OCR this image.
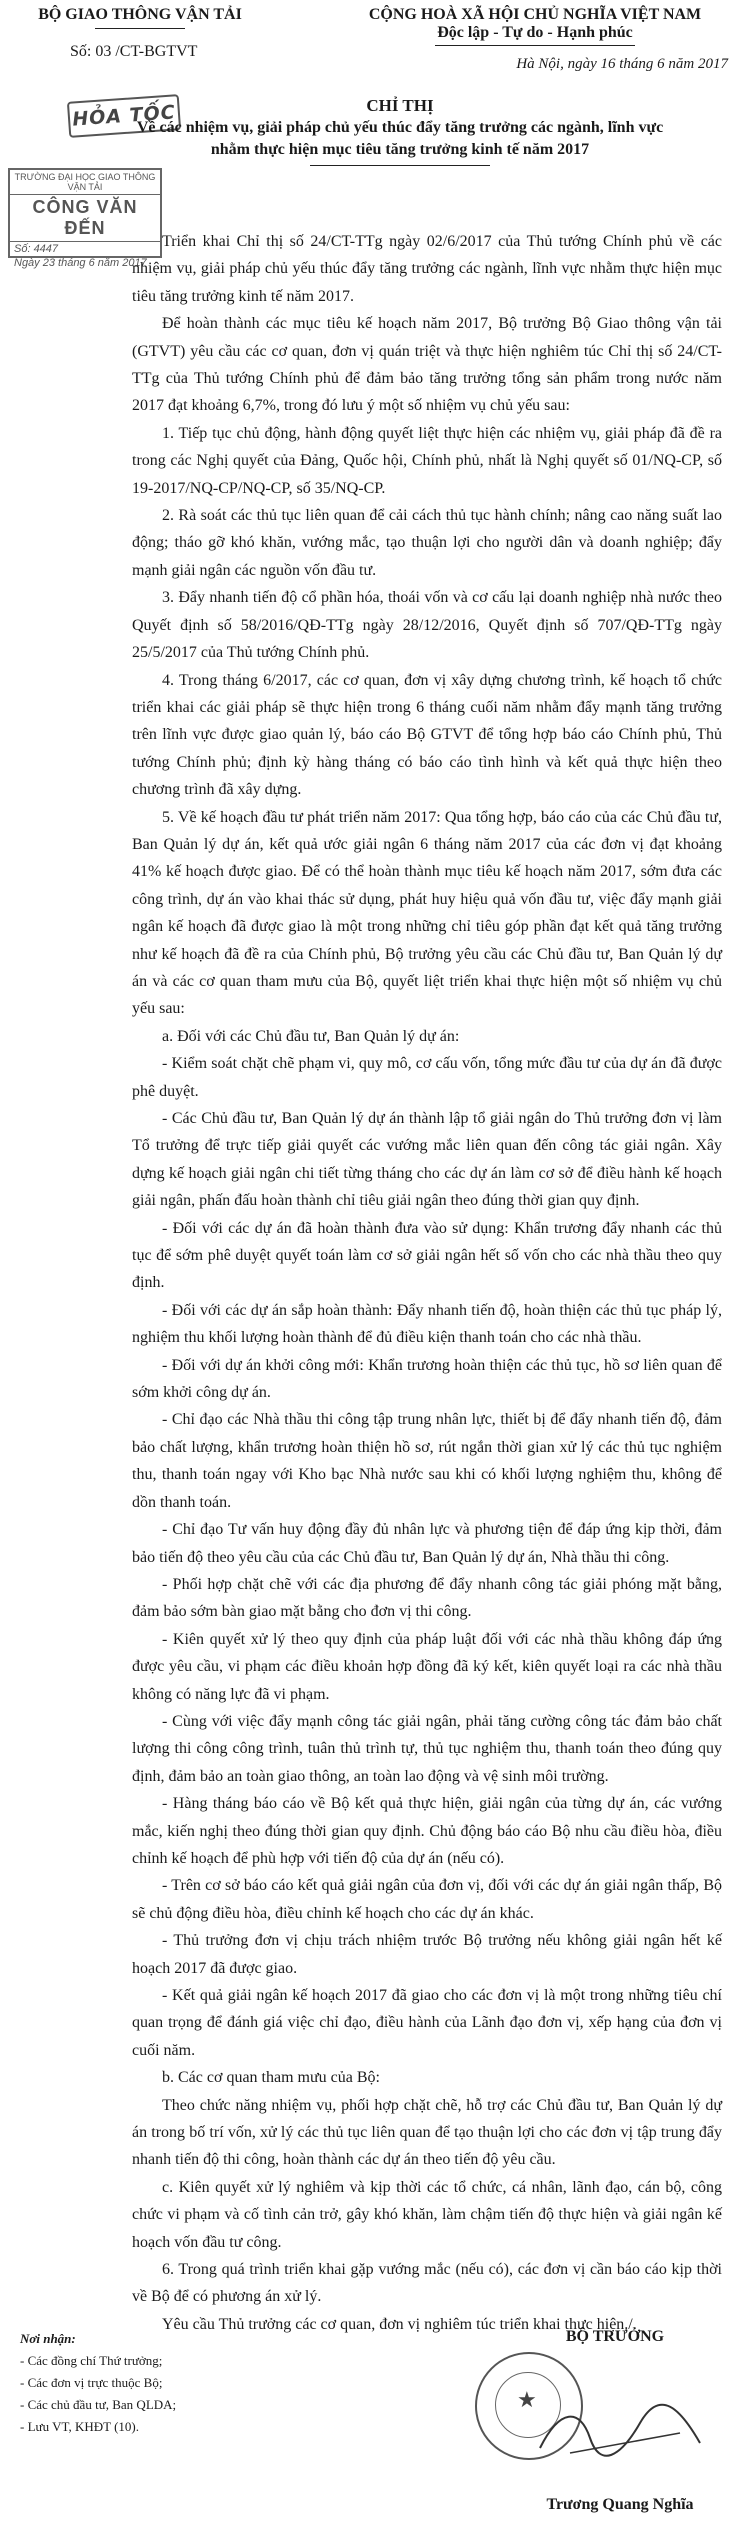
BỘ GIAO THÔNG VẬN TẢI
Số: 03 /CT-BGTVT
CỘNG HOÀ XÃ HỘI CHỦ NGHĨA VIỆT NAM
Độc lập - Tự do - Hạnh phúc
Hà Nội, ngày 16 tháng 6 năm 2017
HỎA TỐC	CHỈ THỊ
Về các nhiệm vụ, giải pháp chủ yếu thúc đẩy tăng trưởng các ngành, lĩnh vực
nhằm thực hiện mục tiêu tăng trưởng kinh tế năm 2017
TRƯỜNG ĐẠI HỌC GIAO THÔNG VẬN TẢI
CÔNG VĂN ĐẾN
Số: 4447
Ngày 23 tháng 6 năm 2017

Triển khai Chỉ thị số 24/CT-TTg ngày 02/6/2017 của Thủ tướng Chính phủ về các nhiệm vụ, giải pháp chủ yếu thúc đẩy tăng trưởng các ngành, lĩnh vực nhằm thực hiện mục tiêu tăng trưởng kinh tế năm 2017.

Để hoàn thành các mục tiêu kế hoạch năm 2017, Bộ trưởng Bộ Giao thông vận tải (GTVT) yêu cầu các cơ quan, đơn vị quán triệt và thực hiện nghiêm túc Chỉ thị số 24/CT-TTg của Thủ tướng Chính phủ để đảm bảo tăng trưởng tổng sản phẩm trong nước năm 2017 đạt khoảng 6,7%, trong đó lưu ý một số nhiệm vụ chủ yếu sau:

1. Tiếp tục chủ động, hành động quyết liệt thực hiện các nhiệm vụ, giải pháp đã đề ra trong các Nghị quyết của Đảng, Quốc hội, Chính phủ, nhất là Nghị quyết số 01/NQ-CP, số 19-2017/NQ-CP/NQ-CP, số 35/NQ-CP.

2. Rà soát các thủ tục liên quan để cải cách thủ tục hành chính; nâng cao năng suất lao động; tháo gỡ khó khăn, vướng mắc, tạo thuận lợi cho người dân và doanh nghiệp; đẩy mạnh giải ngân các nguồn vốn đầu tư.

3. Đẩy nhanh tiến độ cổ phần hóa, thoái vốn và cơ cấu lại doanh nghiệp nhà nước theo Quyết định số 58/2016/QĐ-TTg ngày 28/12/2016, Quyết định số 707/QĐ-TTg ngày 25/5/2017 của Thủ tướng Chính phủ.

4. Trong tháng 6/2017, các cơ quan, đơn vị xây dựng chương trình, kế hoạch tổ chức triển khai các giải pháp sẽ thực hiện trong 6 tháng cuối năm nhằm đẩy mạnh tăng trưởng trên lĩnh vực được giao quản lý, báo cáo Bộ GTVT để tổng hợp báo cáo Chính phủ, Thủ tướng Chính phủ; định kỳ hàng tháng có báo cáo tình hình và kết quả thực hiện theo chương trình đã xây dựng.

5. Về kế hoạch đầu tư phát triển năm 2017: Qua tổng hợp, báo cáo của các Chủ đầu tư, Ban Quản lý dự án, kết quả ước giải ngân 6 tháng năm 2017 của các đơn vị đạt khoảng 41% kế hoạch được giao. Để có thể hoàn thành mục tiêu kế hoạch năm 2017, sớm đưa các công trình, dự án vào khai thác sử dụng, phát huy hiệu quả vốn đầu tư, việc đẩy mạnh giải ngân kế hoạch đã được giao là một trong những chỉ tiêu góp phần đạt kết quả tăng trưởng như kế hoạch đã đề ra của Chính phủ, Bộ trưởng yêu cầu các Chủ đầu tư, Ban Quản lý dự án và các cơ quan tham mưu của Bộ, quyết liệt triển khai thực hiện một số nhiệm vụ chủ yếu sau:

a. Đối với các Chủ đầu tư, Ban Quản lý dự án:

- Kiểm soát chặt chẽ phạm vi, quy mô, cơ cấu vốn, tổng mức đầu tư của dự án đã được phê duyệt.

- Các Chủ đầu tư, Ban Quản lý dự án thành lập tổ giải ngân do Thủ trưởng đơn vị làm Tổ trưởng để trực tiếp giải quyết các vướng mắc liên quan đến công tác giải ngân. Xây dựng kế hoạch giải ngân chi tiết từng tháng cho các dự án làm cơ sở để điều hành kế hoạch giải ngân, phấn đấu hoàn thành chỉ tiêu giải ngân theo đúng thời gian quy định.

- Đối với các dự án đã hoàn thành đưa vào sử dụng: Khẩn trương đẩy nhanh các thủ tục để sớm phê duyệt quyết toán làm cơ sở giải ngân hết số vốn cho các nhà thầu theo quy định.

- Đối với các dự án sắp hoàn thành: Đẩy nhanh tiến độ, hoàn thiện các thủ tục pháp lý, nghiệm thu khối lượng hoàn thành để đủ điều kiện thanh toán cho các nhà thầu.

- Đối với dự án khởi công mới: Khẩn trương hoàn thiện các thủ tục, hồ sơ liên quan để sớm khởi công dự án.

- Chỉ đạo các Nhà thầu thi công tập trung nhân lực, thiết bị để đẩy nhanh tiến độ, đảm bảo chất lượng, khẩn trương hoàn thiện hồ sơ, rút ngắn thời gian xử lý các thủ tục nghiệm thu, thanh toán ngay với Kho bạc Nhà nước sau khi có khối lượng nghiệm thu, không để dồn thanh toán.

- Chỉ đạo Tư vấn huy động đầy đủ nhân lực và phương tiện để đáp ứng kịp thời, đảm bảo tiến độ theo yêu cầu của các Chủ đầu tư, Ban Quản lý dự án, Nhà thầu thi công.

- Phối hợp chặt chẽ với các địa phương để đẩy nhanh công tác giải phóng mặt bằng, đảm bảo sớm bàn giao mặt bằng cho đơn vị thi công.

- Kiên quyết xử lý theo quy định của pháp luật đối với các nhà thầu không đáp ứng được yêu cầu, vi phạm các điều khoản hợp đồng đã ký kết, kiên quyết loại ra các nhà thầu không có năng lực đã vi phạm.

- Cùng với việc đẩy mạnh công tác giải ngân, phải tăng cường công tác đảm bảo chất lượng thi công công trình, tuân thủ trình tự, thủ tục nghiệm thu, thanh toán theo đúng quy định, đảm bảo an toàn giao thông, an toàn lao động và vệ sinh môi trường.

- Hàng tháng báo cáo về Bộ kết quả thực hiện, giải ngân của từng dự án, các vướng mắc, kiến nghị theo đúng thời gian quy định. Chủ động báo cáo Bộ nhu cầu điều hòa, điều chỉnh kế hoạch để phù hợp với tiến độ của dự án (nếu có).

- Trên cơ sở báo cáo kết quả giải ngân của đơn vị, đối với các dự án giải ngân thấp, Bộ sẽ chủ động điều hòa, điều chỉnh kế hoạch cho các dự án khác.

- Thủ trưởng đơn vị chịu trách nhiệm trước Bộ trưởng nếu không giải ngân hết kế hoạch 2017 đã được giao.

- Kết quả giải ngân kế hoạch 2017 đã giao cho các đơn vị là một trong những tiêu chí quan trọng để đánh giá việc chỉ đạo, điều hành của Lãnh đạo đơn vị, xếp hạng của đơn vị cuối năm.

b. Các cơ quan tham mưu của Bộ:

Theo chức năng nhiệm vụ, phối hợp chặt chẽ, hỗ trợ các Chủ đầu tư, Ban Quản lý dự án trong bố trí vốn, xử lý các thủ tục liên quan để tạo thuận lợi cho các đơn vị tập trung đẩy nhanh tiến độ thi công, hoàn thành các dự án theo tiến độ yêu cầu.

c. Kiên quyết xử lý nghiêm và kịp thời các tổ chức, cá nhân, lãnh đạo, cán bộ, công chức vi phạm và cố tình cản trở, gây khó khăn, làm chậm tiến độ thực hiện và giải ngân kế hoạch vốn đầu tư công.

6. Trong quá trình triển khai gặp vướng mắc (nếu có), các đơn vị cần báo cáo kịp thời về Bộ để có phương án xử lý.

Yêu cầu Thủ trưởng các cơ quan, đơn vị nghiêm túc triển khai thực hiện./.

Nơi nhận:
- Các đồng chí Thứ trưởng;
- Các đơn vị trực thuộc Bộ;
- Các chủ đầu tư, Ban QLDA;
- Lưu VT, KHĐT (10).
BỘ TRƯỞNG
★
Trương Quang Nghĩa
